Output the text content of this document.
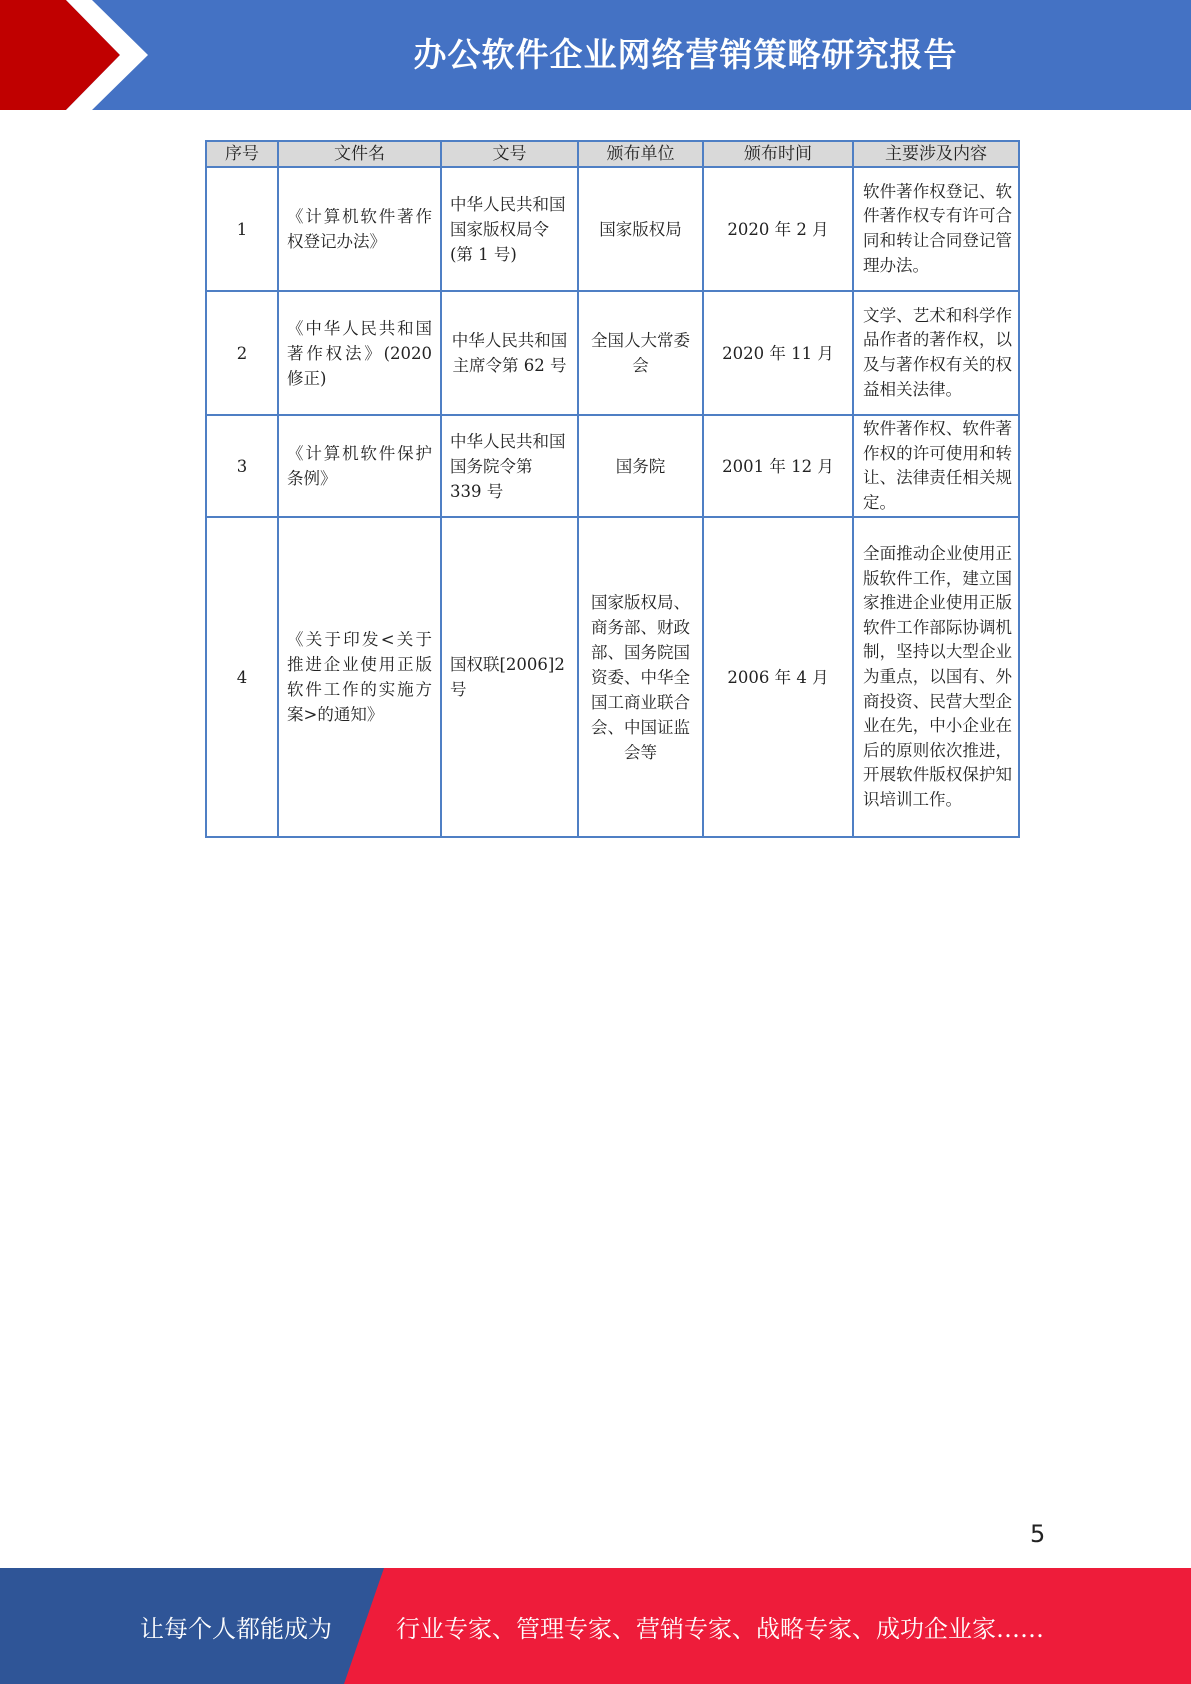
办公软件企业网络营销策略研究报告
序号	文件名	文号	颁布单位	颁布时间	主要涉及内容
1	《计算机软件著作权登记办法》	中华人民共和国国家版权局令(第 1 号)	国家版权局	2020 年 2 月	软件著作权登记、软件著作权专有许可合同和转让合同登记管理办法。
2	《中华人民共和国著作权法》(2020 修正)	中华人民共和国主席令第 62 号	全国人大常委会	2020 年 11 月	文学、艺术和科学作品作者的著作权，以及与著作权有关的权益相关法律。
3	《计算机软件保护条例》	中华人民共和国国务院令第 339 号	国务院	2001 年 12 月	软件著作权、软件著作权的许可使用和转让、法律责任相关规定。
4	《关于印发<关于推进企业使用正版软件工作的实施方案>的通知》	国权联[2006]2 号	国家版权局、商务部、财政部、国务院国资委、中华全国工商业联合会、中国证监会等	2006 年 4 月	全面推动企业使用正版软件工作，建立国家推进企业使用正版软件工作部际协调机制，坚持以大型企业为重点，以国有、外商投资、民营大型企业在先，中小企业在后的原则依次推进，开展软件版权保护知识培训工作。
5
让每个人都能成为	行业专家、管理专家、营销专家、战略专家、成功企业家……
